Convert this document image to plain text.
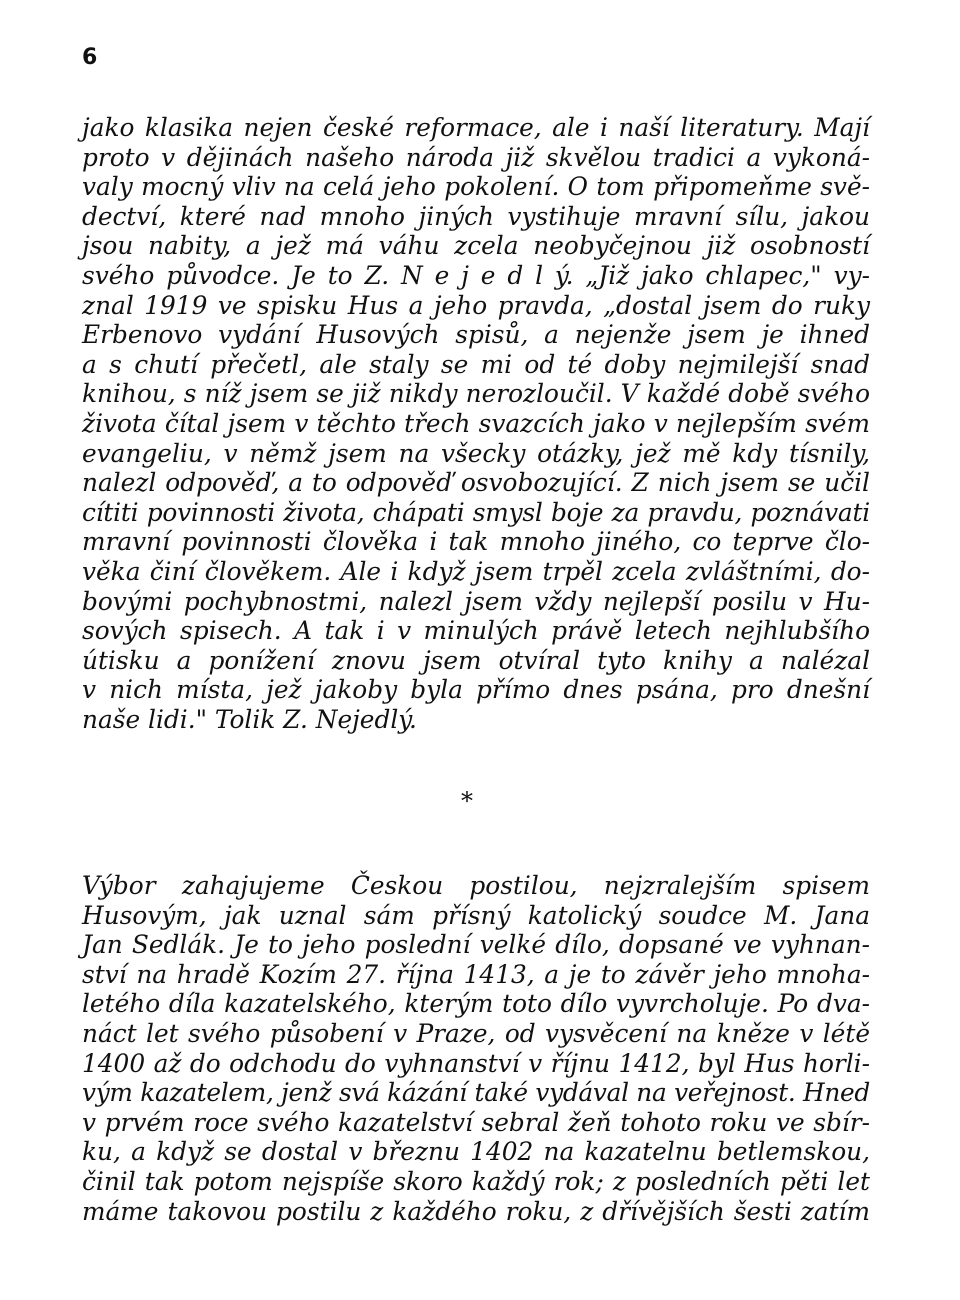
6
jako klasika nejen české reformace, ale i naší literatury. Mají
proto v dějinách našeho národa již skvělou tradici a vykoná-
valy mocný vliv na celá jeho pokolení. O tom připomeňme svě-
dectví, které nad mnoho jiných vystihuje mravní sílu, jakou
jsou nabity, a jež má váhu zcela neobyčejnou již osobností
svého původce. Je to Z. N e j e d l ý. „Již jako chlapec," vy-
znal 1919 ve spisku Hus a jeho pravda, „dostal jsem do ruky
Erbenovo vydání Husových spisů, a nejenže jsem je ihned
a s chutí přečetl, ale staly se mi od té doby nejmilejší snad
knihou, s níž jsem se již nikdy nerozloučil. V každé době svého
života čítal jsem v těchto třech svazcích jako v nejlepším svém
evangeliu, v němž jsem na všecky otázky, jež mě kdy tísnily,
nalezl odpověď, a to odpověď osvobozující. Z nich jsem se učil
cítiti povinnosti života, chápati smysl boje za pravdu, poznávati
mravní povinnosti člověka i tak mnoho jiného, co teprve člo-
věka činí člověkem. Ale i když jsem trpěl zcela zvláštními, do-
bovými pochybnostmi, nalezl jsem vždy nejlepší posilu v Hu-
sových spisech. A tak i v minulých právě letech nejhlubšího
útisku a ponížení znovu jsem otvíral tyto knihy a nalézal
v nich místa, jež jakoby byla přímo dnes psána, pro dnešní
naše lidi." Tolik Z. Nejedlý.
*
Výbor zahajujeme Českou postilou, nejzralejším spisem
Husovým, jak uznal sám přísný katolický soudce M. Jana
Jan Sedlák. Je to jeho poslední velké dílo, dopsané ve vyhnan-
ství na hradě Kozím 27. října 1413, a je to závěr jeho mnoha-
letého díla kazatelského, kterým toto dílo vyvrcholuje. Po dva-
náct let svého působení v Praze, od vysvěcení na kněze v létě
1400 až do odchodu do vyhnanství v říjnu 1412, byl Hus horli-
vým kazatelem, jenž svá kázání také vydával na veřejnost. Hned
v prvém roce svého kazatelství sebral žeň tohoto roku ve sbír-
ku, a když se dostal v březnu 1402 na kazatelnu betlemskou,
činil tak potom nejspíše skoro každý rok; z posledních pěti let
máme takovou postilu z každého roku, z dřívějších šesti zatím
